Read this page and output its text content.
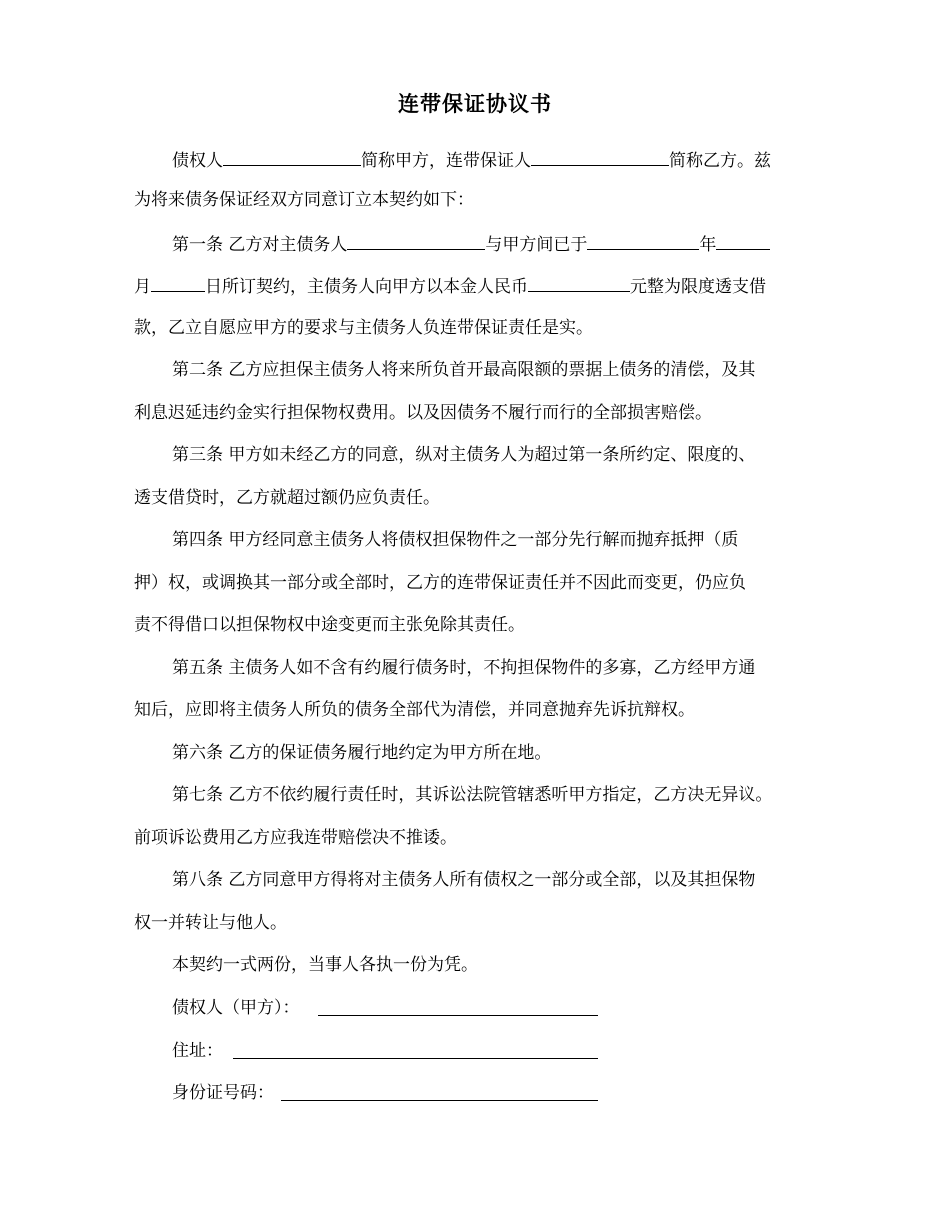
连带保证协议书
债权人	简称甲方，连带保证人	简称乙方。兹
为将来债务保证经双方同意订立本契约如下：
第一条 乙方对主债务人	与甲方间已于	年
月	日所订契约，主债务人向甲方以本金人民币	元整为限度透支借
款，乙立自愿应甲方的要求与主债务人负连带保证责任是实。
第二条 乙方应担保主债务人将来所负首开最高限额的票据上债务的清偿，及其
利息迟延违约金实行担保物权费用。以及因债务不履行而行的全部损害赔偿。
第三条 甲方如未经乙方的同意，纵对主债务人为超过第一条所约定、限度的、
透支借贷时，乙方就超过额仍应负责任。
第四条 甲方经同意主债务人将债权担保物件之一部分先行解而抛弃抵押（质
押）权，或调换其一部分或全部时，乙方的连带保证责任并不因此而变更，仍应负
责不得借口以担保物权中途变更而主张免除其责任。
第五条 主债务人如不含有约履行债务时，不拘担保物件的多寡，乙方经甲方通
知后，应即将主债务人所负的债务全部代为清偿，并同意抛弃先诉抗辩权。
第六条 乙方的保证债务履行地约定为甲方所在地。
第七条 乙方不依约履行责任时，其诉讼法院管辖悉听甲方指定，乙方决无异议。
前项诉讼费用乙方应我连带赔偿决不推诿。
第八条 乙方同意甲方得将对主债务人所有债权之一部分或全部，以及其担保物
权一并转让与他人。
本契约一式两份，当事人各执一份为凭。
债权人（甲方）：
住址：
身份证号码：
